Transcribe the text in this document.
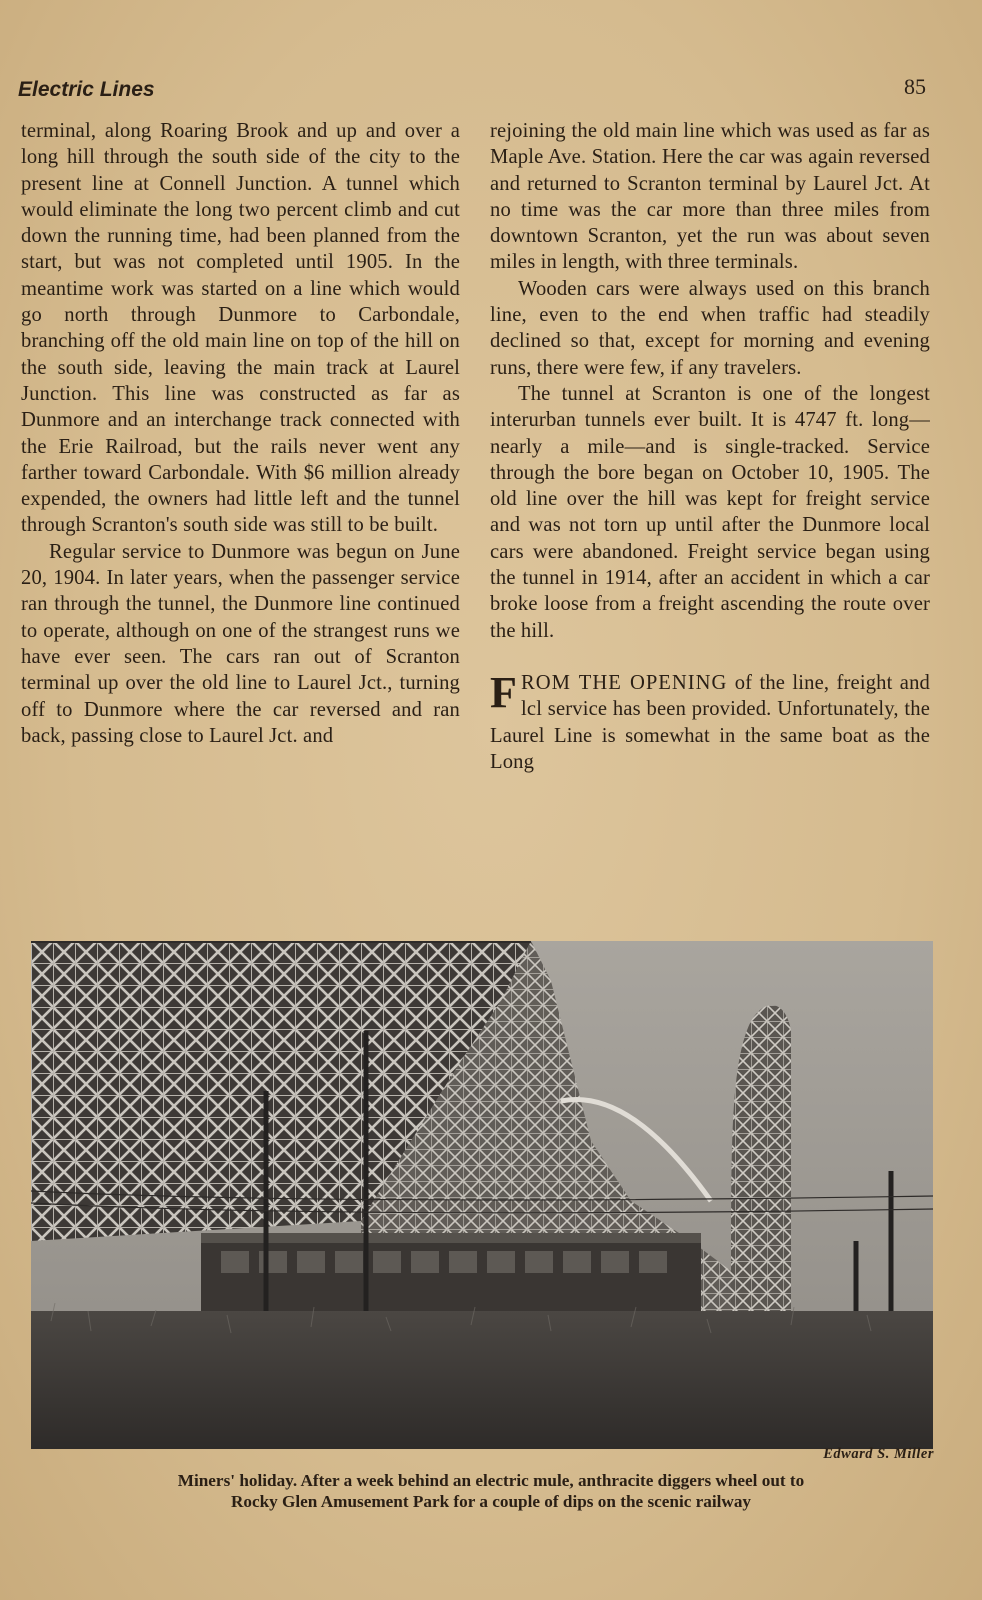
Electric Lines	85

terminal, along Roaring Brook and up and over a long hill through the south side of the city to the present line at Connell Junction. A tunnel which would eliminate the long two percent climb and cut down the running time, had been planned from the start, but was not completed until 1905. In the meantime work was started on a line which would go north through Dunmore to Carbondale, branching off the old main line on top of the hill on the south side, leaving the main track at Laurel Junction. This line was constructed as far as Dunmore and an interchange track connected with the Erie Railroad, but the rails never went any farther toward Carbondale. With $6 million already expended, the owners had little left and the tunnel through Scranton's south side was still to be built.

Regular service to Dunmore was begun on June 20, 1904. In later years, when the passenger service ran through the tunnel, the Dunmore line continued to operate, although on one of the strangest runs we have ever seen. The cars ran out of Scranton terminal up over the old line to Laurel Jct., turning off to Dunmore where the car reversed and ran back, passing close to Laurel Jct. and

rejoining the old main line which was used as far as Maple Ave. Station. Here the car was again reversed and returned to Scranton terminal by Laurel Jct. At no time was the car more than three miles from downtown Scranton, yet the run was about seven miles in length, with three terminals.

Wooden cars were always used on this branch line, even to the end when traffic had steadily declined so that, except for morning and evening runs, there were few, if any travelers.

The tunnel at Scranton is one of the longest interurban tunnels ever built. It is 4747 ft. long—nearly a mile—and is single-tracked. Service through the bore began on October 10, 1905. The old line over the hill was kept for freight service and was not torn up until after the Dunmore local cars were abandoned. Freight service began using the tunnel in 1914, after an accident in which a car broke loose from a freight ascending the route over the hill.

FROM THE OPENING of the line, freight and lcl service has been provided. Unfortunately, the Laurel Line is somewhat in the same boat as the Long

Edward S. Miller
Miners' holiday. After a week behind an electric mule, anthracite diggers wheel out to
Rocky Glen Amusement Park for a couple of dips on the scenic railway
